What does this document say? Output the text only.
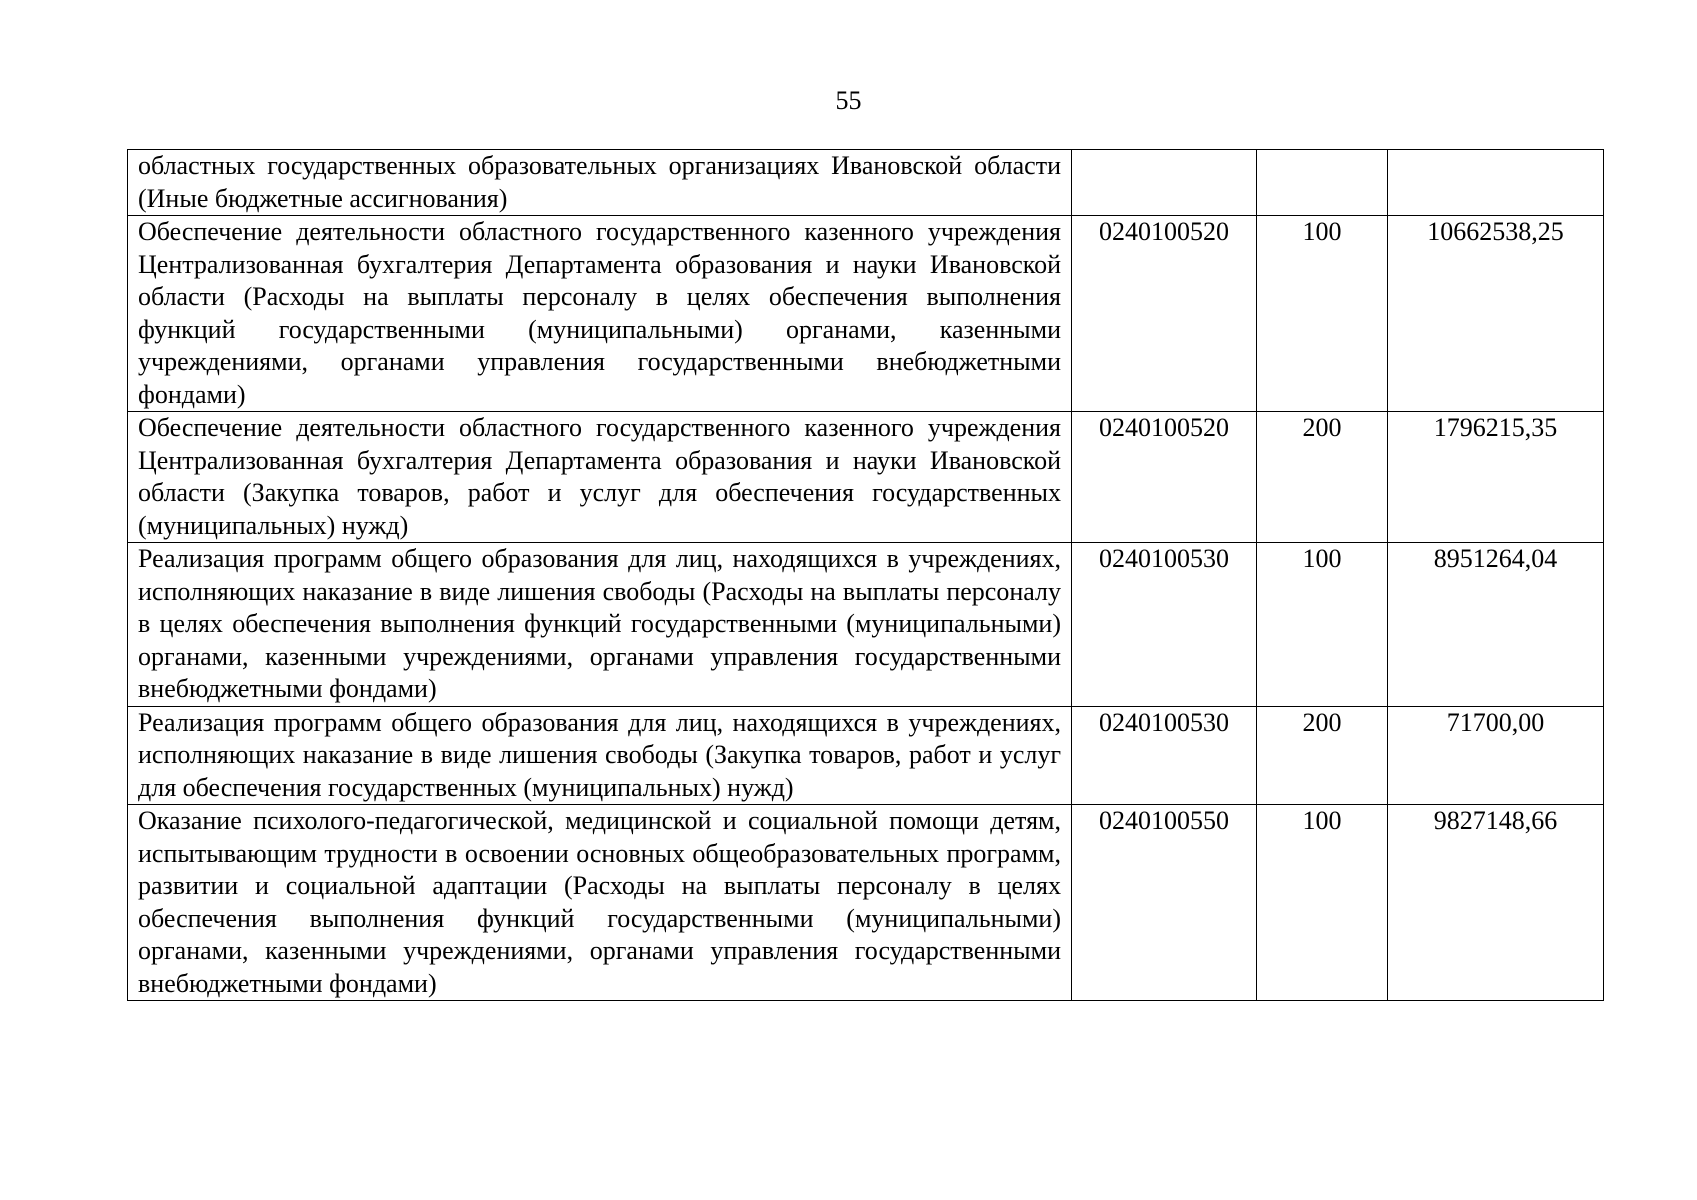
55
областных государственных образовательных организациях Ивановской области (Иные бюджетные ассигнования)			
Обеспечение деятельности областного государственного казенного учреждения Централизованная бухгалтерия Департамента образования и науки Ивановской области (Расходы на выплаты персоналу в целях обеспечения выполнения функций государственными (муниципальными) органами, казенными учреждениями, органами управления государственными внебюджетными фондами)	0240100520	100	10662538,25
Обеспечение деятельности областного государственного казенного учреждения Централизованная бухгалтерия Департамента образования и науки Ивановской области (Закупка товаров, работ и услуг для обеспечения государственных (муниципальных) нужд)	0240100520	200	1796215,35
Реализация программ общего образования для лиц, находящихся в учреждениях, исполняющих наказание в виде лишения свободы (Расходы на выплаты персоналу в целях обеспечения выполнения функций государственными (муниципальными) органами, казенными учреждениями, органами управления государственными внебюджетными фондами)	0240100530	100	8951264,04
Реализация программ общего образования для лиц, находящихся в учреждениях, исполняющих наказание в виде лишения свободы (Закупка товаров, работ и услуг для обеспечения государственных (муниципальных) нужд)	0240100530	200	71700,00
Оказание психолого-педагогической, медицинской и социальной помощи детям, испытывающим трудности в освоении основных общеобразовательных программ, развитии и социальной адаптации (Расходы на выплаты персоналу в целях обеспечения выполнения функций государственными (муниципальными) органами, казенными учреждениями, органами управления государственными внебюджетными фондами)	0240100550	100	9827148,66
